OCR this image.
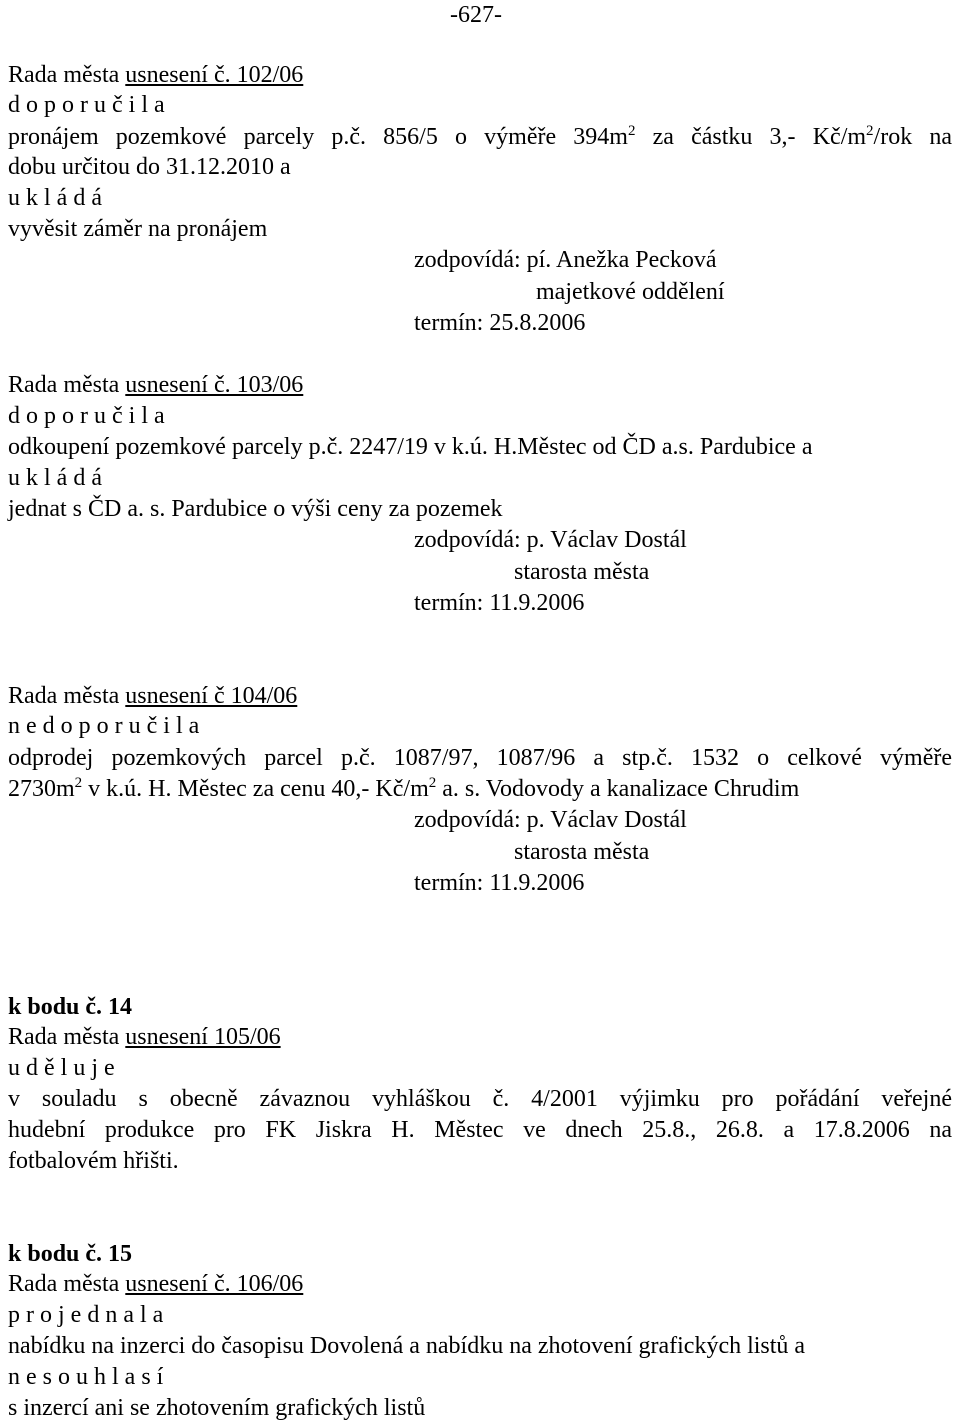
-627-
Rada města usnesení č. 102/06
d o p o r u č i l a
pronájem pozemkové parcely p.č. 856/5 o výměře $394m^2$ za částku 3,- $Kč/m^2$/rok na
dobu určitou do 31.12.2010 a
u k l á d á
vyvěsit záměr na pronájem
zodpovídá: pí. Anežka Pecková
majetkové oddělení
termín: 25.8.2006
Rada města usnesení č. 103/06
d o p o r u č i l a
odkoupení pozemkové parcely p.č. 2247/19 v k.ú. H.Městec od ČD a.s. Pardubice a
u k l á d á
jednat s ČD a. s. Pardubice o výši ceny za pozemek
zodpovídá: p. Václav Dostál
starosta města
termín: 11.9.2006
Rada města usnesení č 104/06
n e d o p o r u č i l a
odprodej pozemkových parcel p.č. 1087/97, 1087/96 a stp.č. 1532 o celkové výměře
$2730m^2$ v k.ú. H. Městec za cenu 40,- $Kč/m^2$ a. s. Vodovody a kanalizace Chrudim
zodpovídá: p. Václav Dostál
starosta města
termín: 11.9.2006
k bodu č. 14
Rada města usnesení 105/06
u d ě l u j e
v souladu s obecně závaznou vyhláškou č. 4/2001 výjimku pro pořádání veřejné
hudební produkce pro FK Jiskra H. Městec ve dnech 25.8., 26.8. a 17.8.2006 na
fotbalovém hřišti.
k bodu č. 15
Rada města usnesení č. 106/06
p r o j e d n a l a
nabídku na inzerci do časopisu Dovolená a nabídku na zhotovení grafických listů a
n e s o u h l a s í
s inzercí ani se zhotovením grafických listů
